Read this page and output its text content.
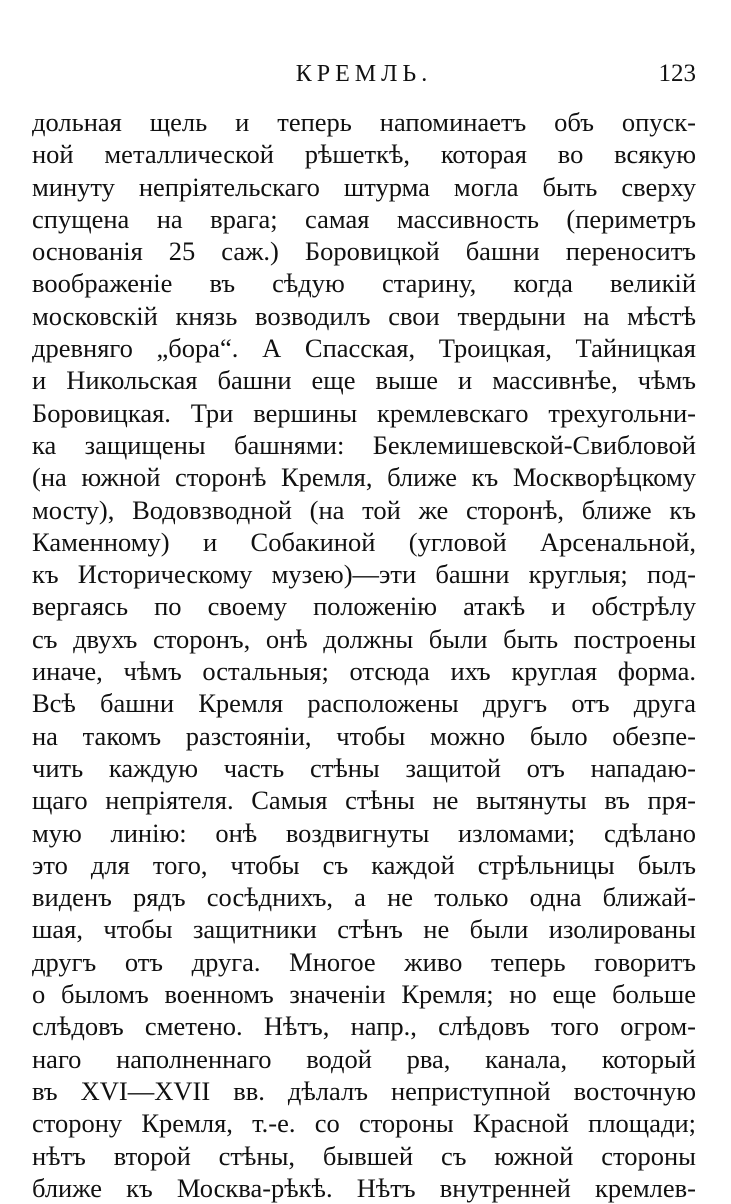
КРЕМЛЬ.	123
дольная щель и теперь напоминаетъ объ опуск-
ной металлической рѣшеткѣ, которая во всякую
минуту непріятельскаго штурма могла быть сверху
спущена на врага; самая массивность (периметръ
основанія 25 саж.) Боровицкой башни переноситъ
воображеніе въ сѣдую старину, когда великій
московскій князь возводилъ свои твердыни на мѣстѣ
древняго „бора“. А Спасская, Троицкая, Тайницкая
и Никольская башни еще выше и массивнѣе, чѣмъ
Боровицкая. Три вершины кремлевскаго трехугольни-
ка защищены башнями: Беклемишевской-Свибловой
(на южной сторонѣ Кремля, ближе къ Москворѣцкому
мосту), Водовзводной (на той же сторонѣ, ближе къ
Каменному) и Собакиной (угловой Арсенальной,
къ Историческому музею)—эти башни круглыя; под-
вергаясь по своему положенію атакѣ и обстрѣлу
съ двухъ сторонъ, онѣ должны были быть построены
иначе, чѣмъ остальныя; отсюда ихъ круглая форма.
Всѣ башни Кремля расположены другъ отъ друга
на такомъ разстояніи, чтобы можно было обезпе-
чить каждую часть стѣны защитой отъ нападаю-
щаго непріятеля. Самыя стѣны не вытянуты въ пря-
мую линію: онѣ воздвигнуты изломами; сдѣлано
это для того, чтобы съ каждой стрѣльницы былъ
виденъ рядъ сосѣднихъ, а не только одна ближай-
шая, чтобы защитники стѣнъ не были изолированы
другъ отъ друга. Многое живо теперь говоритъ
о быломъ военномъ значеніи Кремля; но еще больше
слѣдовъ сметено. Нѣтъ, напр., слѣдовъ того огром-
наго наполненнаго водой рва, канала, который
въ XVI—XVII вв. дѣлалъ неприступной восточную
сторону Кремля, т.-е. со стороны Красной площади;
нѣтъ второй стѣны, бывшей съ южной стороны
ближе къ Москва-рѣкѣ. Нѣтъ внутренней кремлев-
